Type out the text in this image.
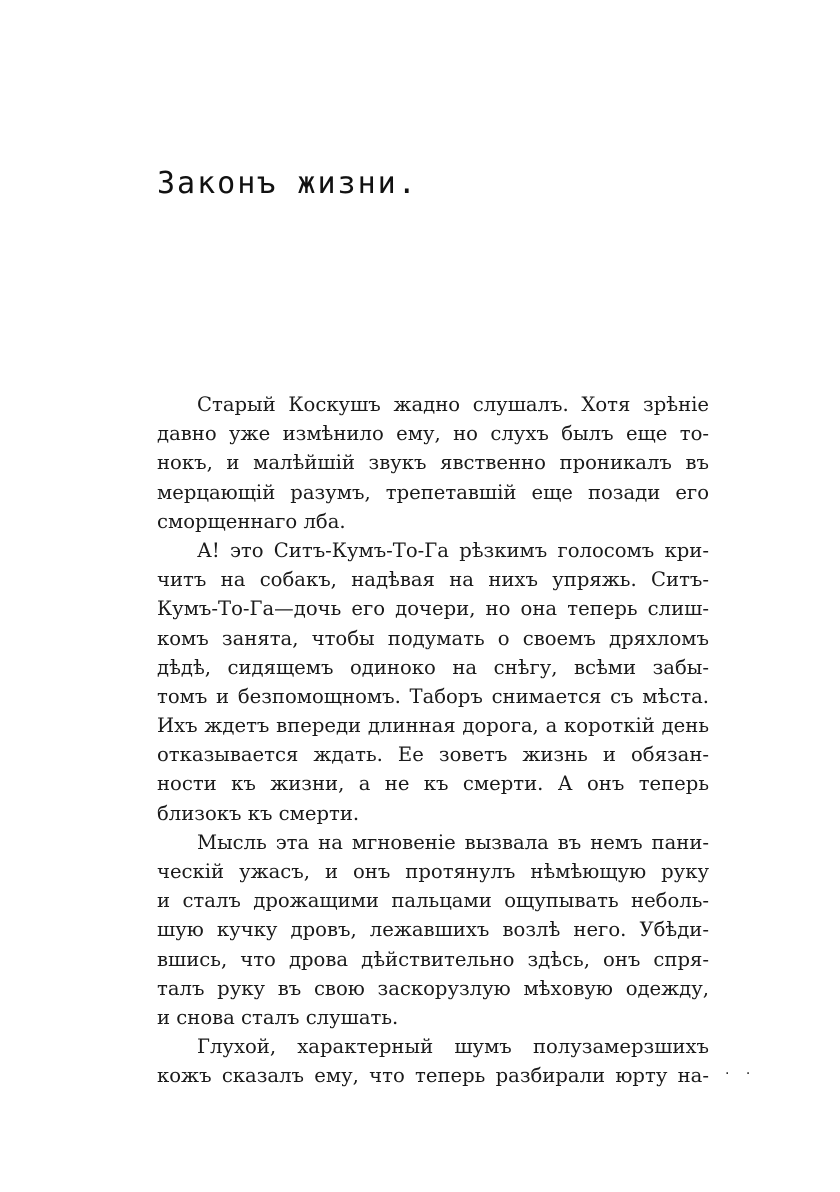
Законъ жизни.
Старый Коскушъ жадно слушалъ. Хотя зрѣніе
давно уже измѣнило ему, но слухъ былъ еще то-
нокъ, и малѣйшій звукъ явственно проникалъ въ
мерцающій разумъ, трепетавшій еще позади его
сморщеннаго лба.
А! это Ситъ-Кумъ-То-Га рѣзкимъ голосомъ кри-
читъ на собакъ, надѣвая на нихъ упряжь. Ситъ-
Кумъ-То-Га—дочь его дочери, но она теперь слиш-
комъ занята, чтобы подумать о своемъ дряхломъ
дѣдѣ, сидящемъ одиноко на снѣгу, всѣми забы-
томъ и безпомощномъ. Таборъ снимается съ мѣста.
Ихъ ждетъ впереди длинная дорога, а короткій день
отказывается ждать. Ее зоветъ жизнь и обязан-
ности къ жизни, а не къ смерти. А онъ теперь
близокъ къ смерти.
Мысль эта на мгновеніе вызвала въ немъ пани-
ческій ужасъ, и онъ протянулъ нѣмѣющую руку
и сталъ дрожащими пальцами ощупывать неболь-
шую кучку дровъ, лежавшихъ возлѣ него. Убѣди-
вшись, что дрова дѣйствительно здѣсь, онъ спря-
талъ руку въ свою заскорузлую мѣховую одежду,
и снова сталъ слушать.
Глухой, характерный шумъ полузамерзшихъ
кожъ сказалъ ему, что теперь разбирали юрту на- · ·
